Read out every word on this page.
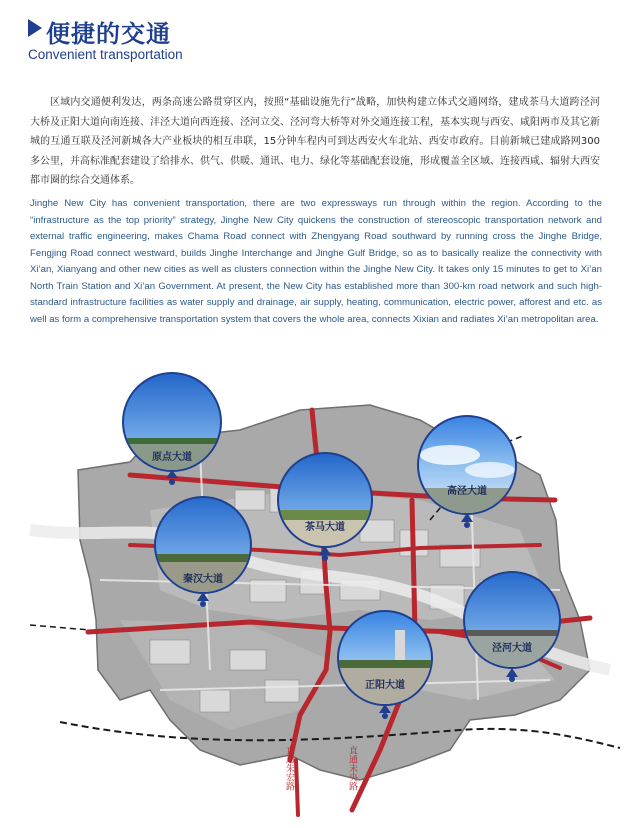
便捷的交通
Convenient transportation

区域内交通便利发达，两条高速公路贯穿区内，按照“基础设施先行”战略，加快构建立体式交通网络，建成茶马大道跨泾河大桥及正阳大道向南连接、沣泾大道向西连接、泾河立交、泾河弯大桥等对外交通连接工程，基本实现与西安、咸阳两市及其它新城的互通互联及泾河新城各大产业板块的相互串联，15分钟车程内可到达西安火车北站、西安市政府。目前新城已建成路网300多公里，并高标准配套建设了给排水、供气、供暖、通讯、电力、绿化等基础配套设施，形成覆盖全区域、连接西咸、辐射大西安都市圈的综合交通体系。

Jinghe New City has convenient transportation, there are two expressways run through within the region. According to the “infrastructure as the top priority” strategy, Jinghe New City quickens the construction of stereoscopic transportation network and external traffic engineering, makes Chama Road connect with Zhengyang Road southward by running cross the Jinghe Bridge, Fengjing Road connect westward, builds Jinghe Interchange and Jinghe Gulf Bridge, so as to basically realize the connectivity with Xi’an, Xianyang and other new cities as well as clusters connection within the Jinghe New City. It takes only 15 minutes to get to Xi’an North Train Station and Xi’an Government. At present, the New City has established more than 300-km road network and such high-standard infrastructure facilities as water supply and drainage, air supply, heating, communication, electric power, afforest and etc. as well as form a comprehensive transportation system that covers the whole area, connects Xixian and radiates Xi’an metropolitan area.

直通朱宏路	直通未央路
原点大道
茶马大道
高泾大道
秦汉大道
正阳大道
泾河大道
